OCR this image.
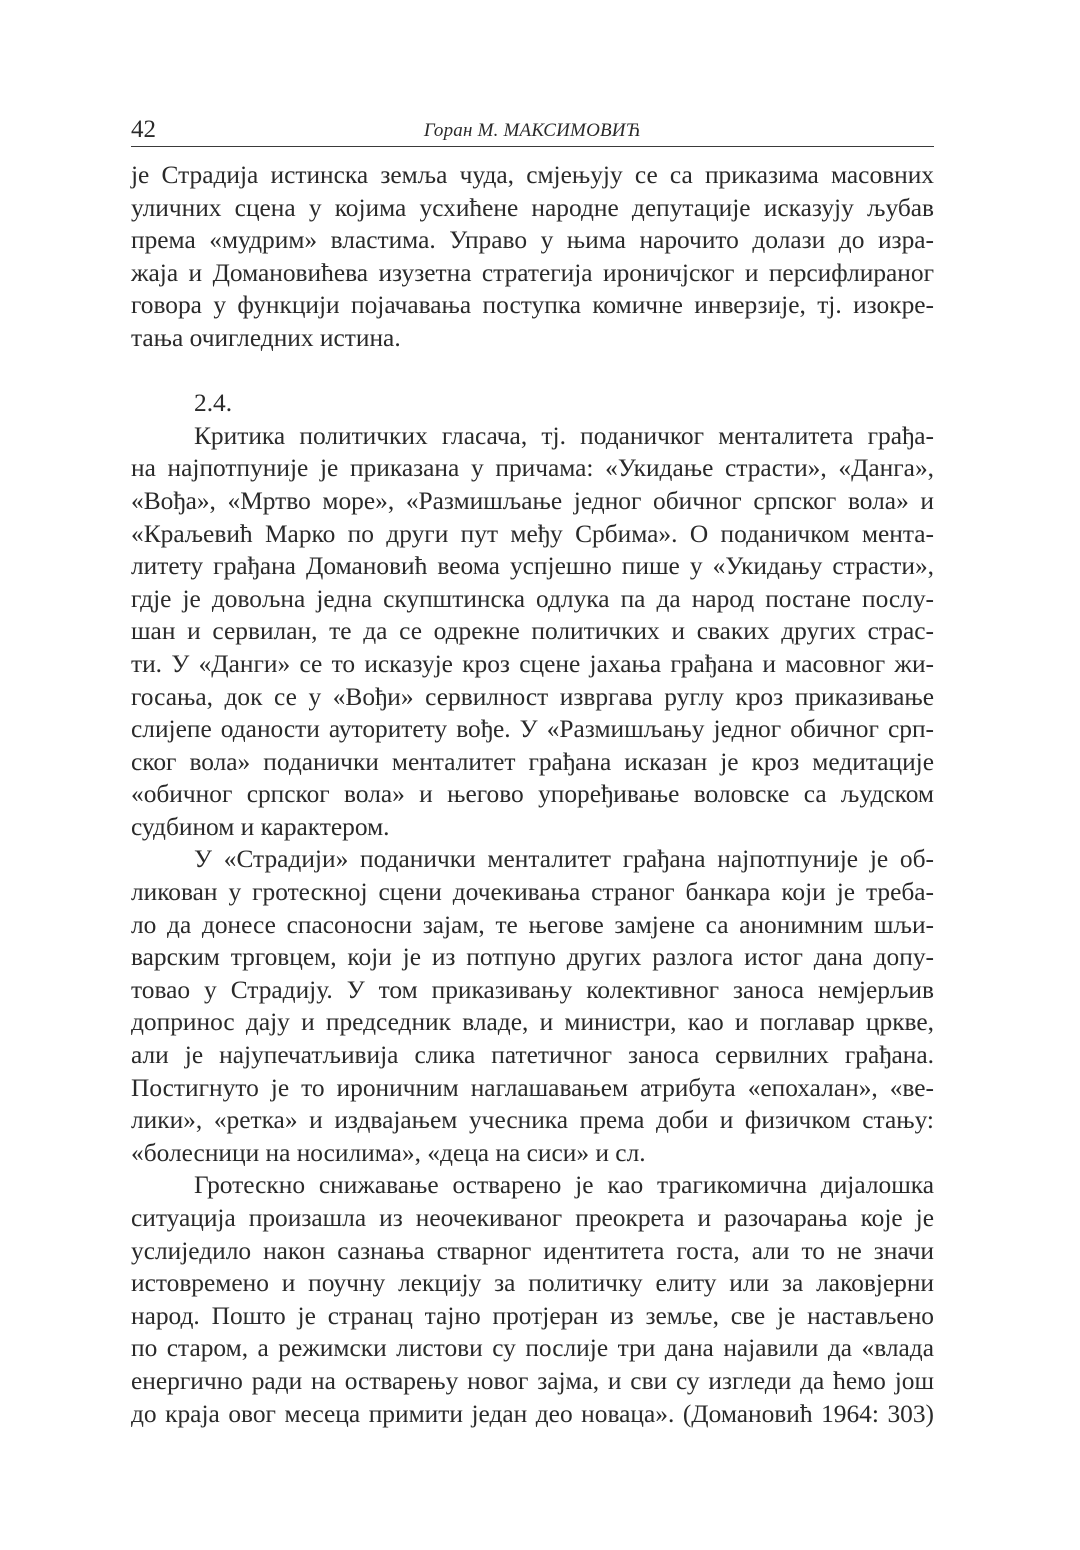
42	Горан М. МАКСИМОВИЋ
је Страдија истинска земља чуда, смјењују се са приказима масовних
уличних сцена у којима усхићене народне депутације исказују љубав
према «мудрим» властима. Управо у њима нарочито долази до изра-
жаја и Домановићева изузетна стратегија ироничјског и персифлираног
говора у функцији појачавања поступка комичне инверзије, тј. изокре-
тања очигледних истина.
2.4.
Критика политичких гласача, тј. поданичког менталитета грађа-
на најпотпуније је приказана у причама: «Укидање страсти», «Данга»,
«Вођа», «Мртво море», «Размишљање једног обичног српског вола» и
«Краљевић Марко по други пут међу Србима». О поданичком мента-
литету грађана Домановић веома успјешно пише у «Укидању страсти»,
гдје је довољна једна скупштинска одлука па да народ постане послу-
шан и сервилан, те да се одрекне политичких и сваких других страс-
ти. У «Данги» се то исказује кроз сцене јахања грађана и масовног жи-
госања, док се у «Вођи» сервилност извргава руглу кроз приказивање
слијепе оданости ауторитету вође. У «Размишљању једног обичног срп-
ског вола» поданички менталитет грађана исказан је кроз медитације
«обичног српског вола» и његово упоређивање воловске са људском
судбином и карактером.
У «Страдији» поданички менталитет грађана најпотпуније је об-
ликован у гротескној сцени дочекивања страног банкара који је треба-
ло да донесе спасоносни зајам, те његове замјене са анонимним шљи-
варским трговцем, који је из потпуно других разлога истог дана допу-
товао у Страдију. У том приказивању колективног заноса немјерљив
допринос дају и председник владе, и министри, као и поглавар цркве,
али је најупечатљивија слика патетичног заноса сервилних грађана.
Постигнуто је то ироничним наглашавањем атрибута «епохалан», «ве-
лики», «ретка» и издвајањем учесника према доби и физичком стању:
«болесници на носилима», «деца на сиси» и сл.
Гротескно снижавање остварено је као трагикомична дијалошка
ситуација произашла из неочекиваног преокрета и разочарања које је
услиједило након сазнања стварног идентитета госта, али то не значи
истовремено и поучну лекцију за политичку елиту или за лаковјерни
народ. Пошто је странац тајно протјеран из земље, све је настављено
по старом, а режимски листови су послије три дана најавили да «влада
енергично ради на остварењу новог зајма, и сви су изгледи да ћемо још
до краја овог месеца примити један део новаца». (Домановић 1964: 303)
